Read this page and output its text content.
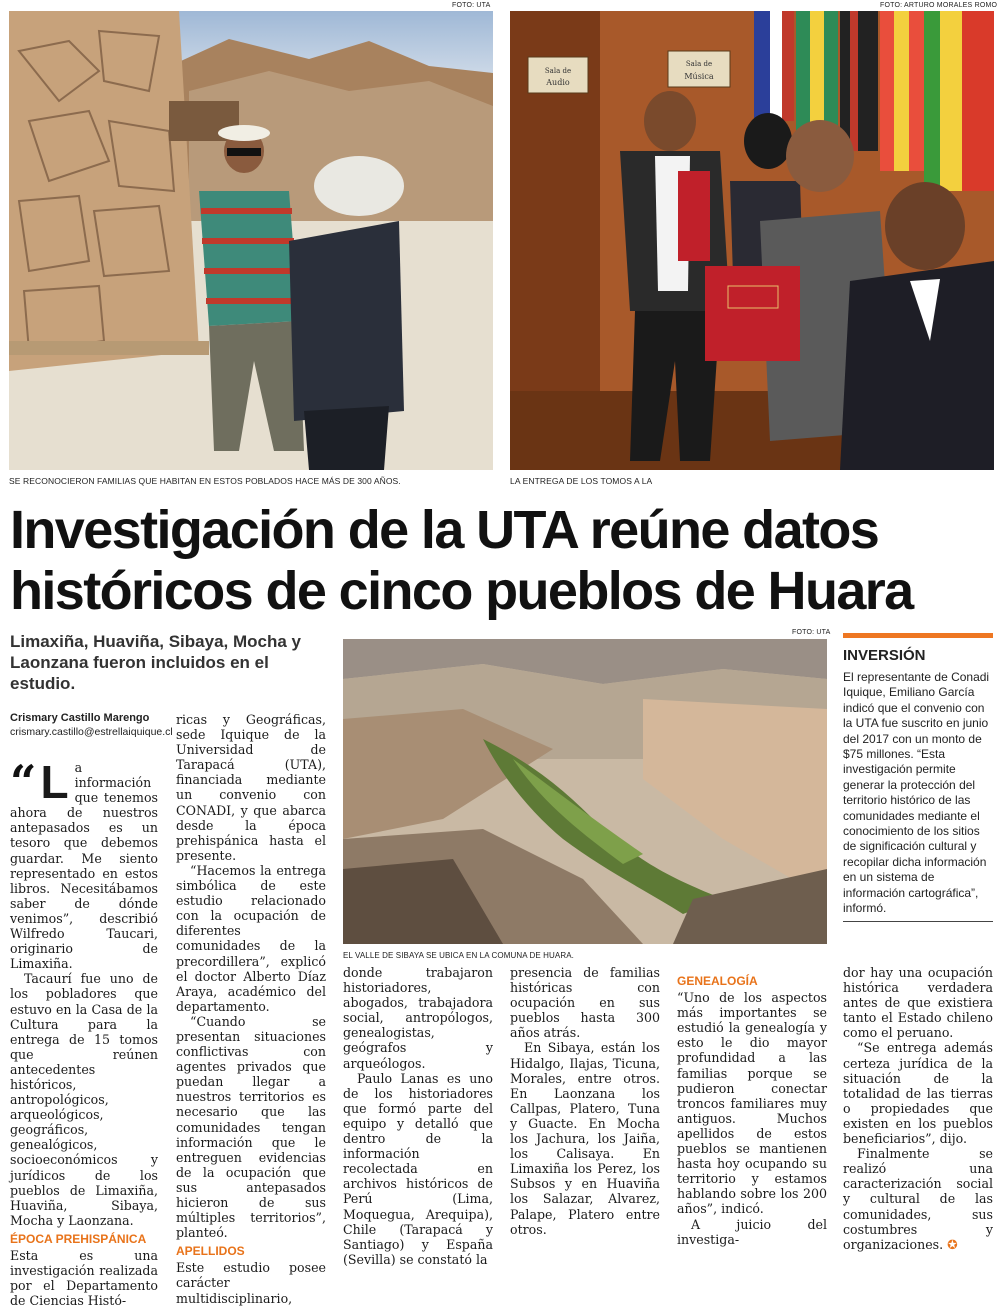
FOTO: UTA
SE RECONOCIERON FAMILIAS QUE HABITAN EN ESTOS POBLADOS HACE MÁS DE 300 AÑOS.
FOTO: ARTURO MORALES ROMO
Sala de
Audio
Sala de
Música
LA ENTREGA DE LOS TOMOS A LA
Investigación de la UTA reúne datos históricos de cinco pueblos de Huara
Limaxiña, Huaviña, Sibaya, Mocha y Laonzana fueron incluidos en el estudio.
Crismary Castillo Marengo
crismary.castillo@estrellaiquique.cl
FOTO: UTA
EL VALLE DE SIBAYA SE UBICA EN LA COMUNA DE HUARA.

“ L a información que tenemos ahora de nuestros antepasados es un tesoro que debemos guardar. Me siento representado en estos libros. Necesitábamos saber de dónde venimos”, describió Wilfredo Taucari, originario de Limaxiña.

Tacaurí fue uno de los pobladores que estuvo en la Casa de la Cultura para la entrega de 15 tomos que reúnen antecedentes históricos, antropológicos, arqueológicos, geográficos, genealógicos, socioeconómicos y jurídicos de los pueblos de Limaxiña, Huaviña, Sibaya, Mocha y Laonzana.

ÉPOCA PREHISPÁNICA

Esta es una investigación realizada por el Departamento de Ciencias Histó-

ricas y Geográficas, sede Iquique de la Universidad de Tarapacá (UTA), financiada mediante un convenio con CONADI, y que abarca desde la época prehispánica hasta el presente.

“Hacemos la entrega simbólica de este estudio relacionado con la ocupación de diferentes comunidades de la precordillera”, explicó el doctor Alberto Díaz Araya, académico del departamento.

“Cuando se presentan situaciones conflictivas con agentes privados que puedan llegar a nuestros territorios es necesario que las comunidades tengan información que le entreguen evidencias de la ocupación que sus antepasados hicieron de sus múltiples territorios”, planteó.

APELLIDOS

Este estudio posee carácter multidisciplinario,

donde trabajaron historiadores, abogados, trabajadora social, antropólogos, genealogistas, geógrafos y arqueólogos.

Paulo Lanas es uno de los historiadores que formó parte del equipo y detalló que dentro de la información recolectada en archivos históricos de Perú (Lima, Moquegua, Arequipa), Chile (Tarapacá y Santiago) y España (Sevilla) se constató la

presencia de familias históricas con ocupación en sus pueblos hasta 300 años atrás.

En Sibaya, están los Hidalgo, Ilajas, Ticuna, Morales, entre otros. En Laonzana los Callpas, Platero, Tuna y Guacte. En Mocha los Jachura, los Jaiña, los Calisaya. En Limaxiña los Perez, los Subsos y en Huaviña los Salazar, Alvarez, Palape, Platero entre otros.

GENEALOGÍA

“Uno de los aspectos más importantes se estudió la genealogía y esto le dio mayor profundidad a las familias porque se pudieron conectar troncos familiares muy antiguos. Muchos apellidos de estos pueblos se mantienen hasta hoy ocupando su territorio y estamos hablando sobre los 200 años”, indicó.

A juicio del investiga-

dor hay una ocupación histórica verdadera antes de que existiera tanto el Estado chileno como el peruano.

“Se entrega además certeza jurídica de la situación de la totalidad de las tierras o propiedades que existen en los pueblos beneficiarios”, dijo.

Finalmente se realizó una caracterización social y cultural de las comunidades, sus costumbres y organizaciones. ✪

INVERSIÓN
El representante de Conadi Iquique, Emiliano García indicó que el convenio con la UTA fue suscrito en junio del 2017 con un monto de $75 millones. “Esta investigación permite generar la protección del territorio histórico de las comunidades mediante el conocimiento de los sitios de significación cultural y recopilar dicha información en un sistema de información cartográfica”, informó.
